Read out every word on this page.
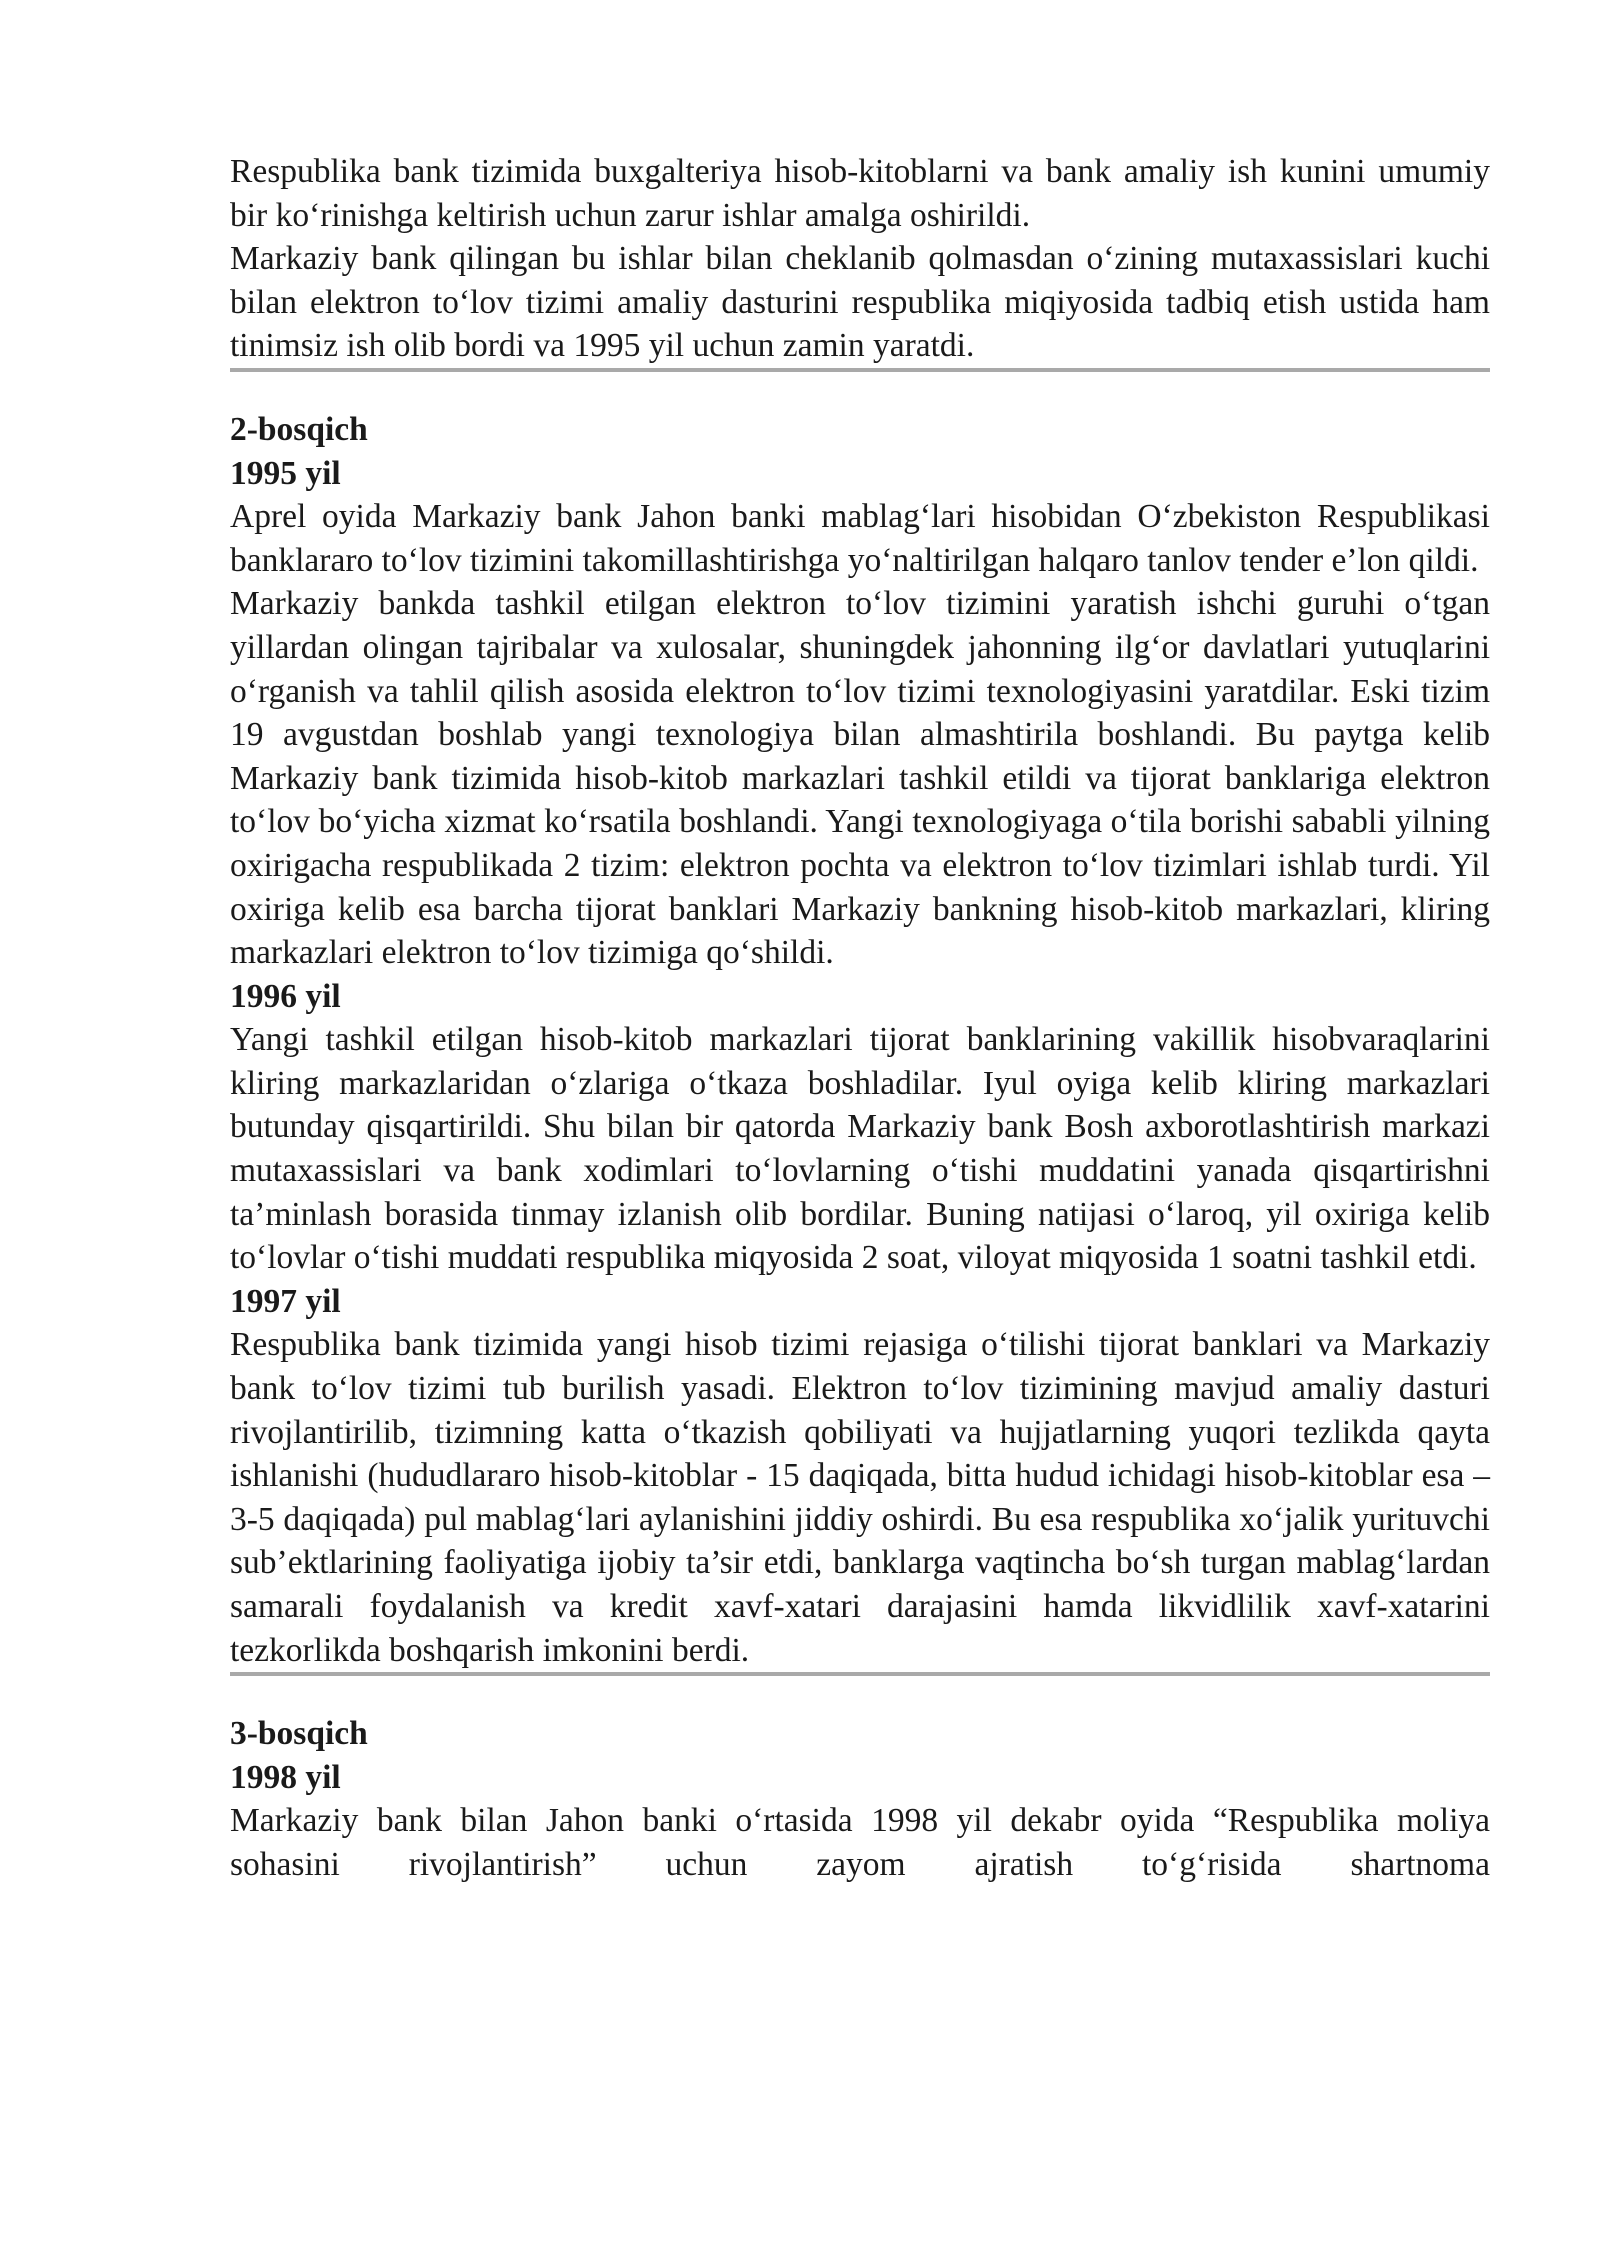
Respublika bank tizimida buxgalteriya hisob-kitoblarni va bank amaliy ish kunini umumiy bir ko‘rinishga keltirish uchun zarur ishlar amalga oshirildi.

Markaziy bank qilingan bu ishlar bilan cheklanib qolmasdan o‘zining mutaxassislari kuchi bilan elektron to‘lov tizimi amaliy dasturini respublika miqiyosida tadbiq etish ustida ham tinimsiz ish olib bordi va 1995 yil uchun zamin yaratdi.

2-bosqich

1995 yil

Aprel oyida Markaziy bank Jahon banki mablag‘lari hisobidan O‘zbekiston Respublikasi banklararo to‘lov tizimini takomillashtirishga yo‘naltirilgan halqaro tanlov tender e’lon qildi.

Markaziy bankda tashkil etilgan elektron to‘lov tizimini yaratish ishchi guruhi o‘tgan yillardan olingan tajribalar va xulosalar, shuningdek jahonning ilg‘or davlatlari yutuqlarini o‘rganish va tahlil qilish asosida elektron to‘lov tizimi texnologiyasini yaratdilar. Eski tizim 19 avgustdan boshlab yangi texnologiya bilan almashtirila boshlandi. Bu paytga kelib Markaziy bank tizimida hisob-kitob markazlari tashkil etildi va tijorat banklariga elektron to‘lov bo‘yicha xizmat ko‘rsatila boshlandi. Yangi texnologiyaga o‘tila borishi sababli yilning oxirigacha respublikada 2 tizim: elektron pochta va elektron to‘lov tizimlari ishlab turdi. Yil oxiriga kelib esa barcha tijorat banklari Markaziy bankning hisob-kitob markazlari, kliring markazlari elektron to‘lov tizimiga qo‘shildi.

1996 yil

Yangi tashkil etilgan hisob-kitob markazlari tijorat banklarining vakillik hisobvaraqlarini kliring markazlaridan o‘zlariga o‘tkaza boshladilar. Iyul oyiga kelib kliring markazlari butunday qisqartirildi. Shu bilan bir qatorda Markaziy bank Bosh axborotlashtirish markazi mutaxassislari va bank xodimlari to‘lovlarning o‘tishi muddatini yanada qisqartirishni ta’minlash borasida tinmay izlanish olib bordilar. Buning natijasi o‘laroq, yil oxiriga kelib to‘lovlar o‘tishi muddati respublika miqyosida 2 soat, viloyat miqyosida 1 soatni tashkil etdi.

1997 yil

Respublika bank tizimida yangi hisob tizimi rejasiga o‘tilishi tijorat banklari va Markaziy bank to‘lov tizimi tub burilish yasadi. Elektron to‘lov tizimining mavjud amaliy dasturi rivojlantirilib, tizimning katta o‘tkazish qobiliyati va hujjatlarning yuqori tezlikda qayta ishlanishi (hududlararo hisob-kitoblar - 15 daqiqada, bitta hudud ichidagi hisob-kitoblar esa – 3-5 daqiqada) pul mablag‘lari aylanishini jiddiy oshirdi. Bu esa respublika xo‘jalik yurituvchi sub’ektlarining faoliyatiga ijobiy ta’sir etdi, banklarga vaqtincha bo‘sh turgan mablag‘lardan samarali foydalanish va kredit xavf-xatari darajasini hamda likvidlilik xavf-xatarini tezkorlikda boshqarish imkonini berdi.

3-bosqich

1998 yil

Markaziy bank bilan Jahon banki o‘rtasida 1998 yil dekabr oyida “Respublika moliya sohasini rivojlantirish” uchun zayom ajratish to‘g‘risida shartnoma
